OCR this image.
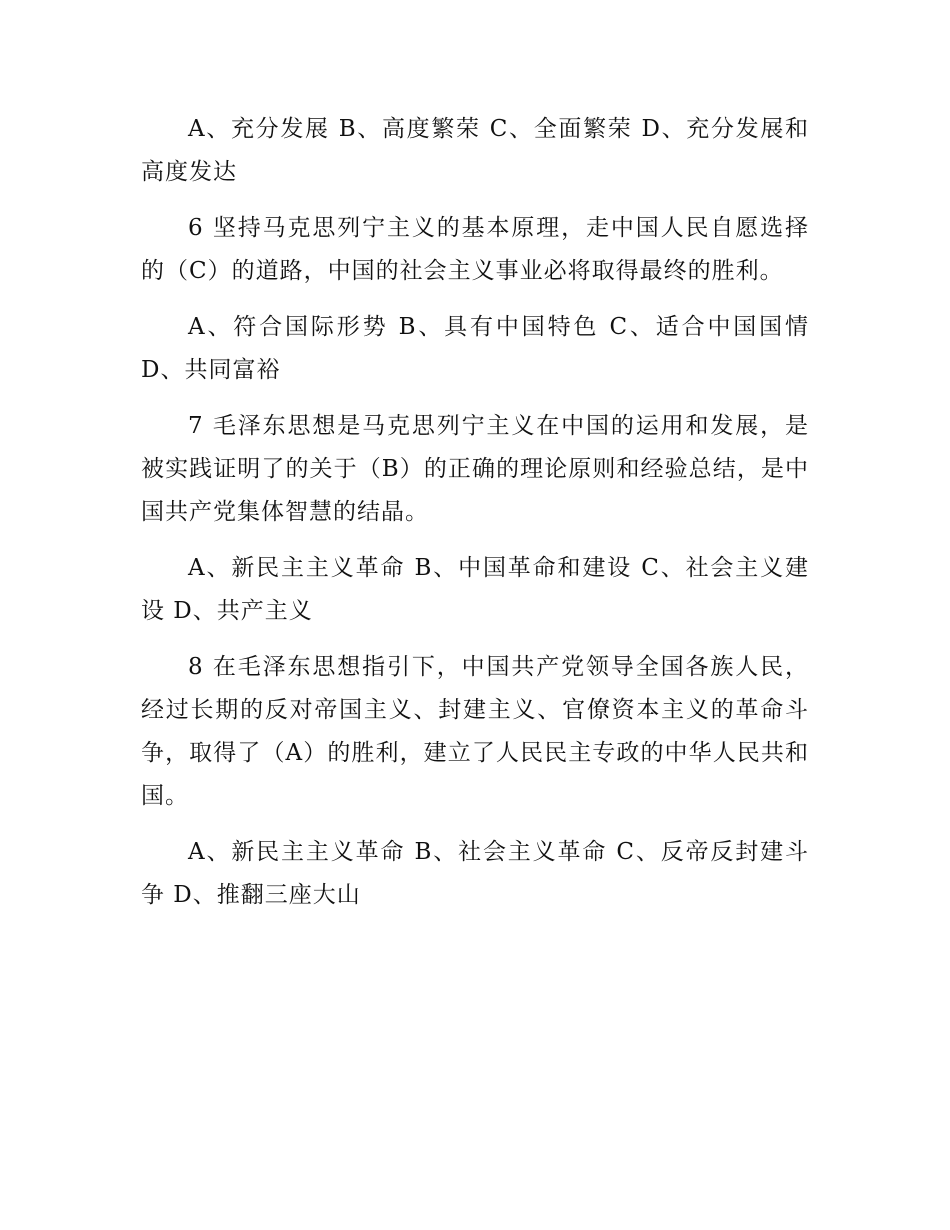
A、充分发展 B、高度繁荣 C、全面繁荣 D、充分发展和高度发达

6 坚持马克思列宁主义的基本原理，走中国人民自愿选择的（C）的道路，中国的社会主义事业必将取得最终的胜利。

A、符合国际形势 B、具有中国特色 C、适合中国国情 D、共同富裕

7 毛泽东思想是马克思列宁主义在中国的运用和发展，是被实践证明了的关于（B）的正确的理论原则和经验总结，是中国共产党集体智慧的结晶。

A、新民主主义革命 B、中国革命和建设 C、社会主义建设 D、共产主义

8 在毛泽东思想指引下，中国共产党领导全国各族人民，经过长期的反对帝国主义、封建主义、官僚资本主义的革命斗争，取得了（A）的胜利，建立了人民民主专政的中华人民共和国。

A、新民主主义革命 B、社会主义革命 C、反帝反封建斗争 D、推翻三座大山
